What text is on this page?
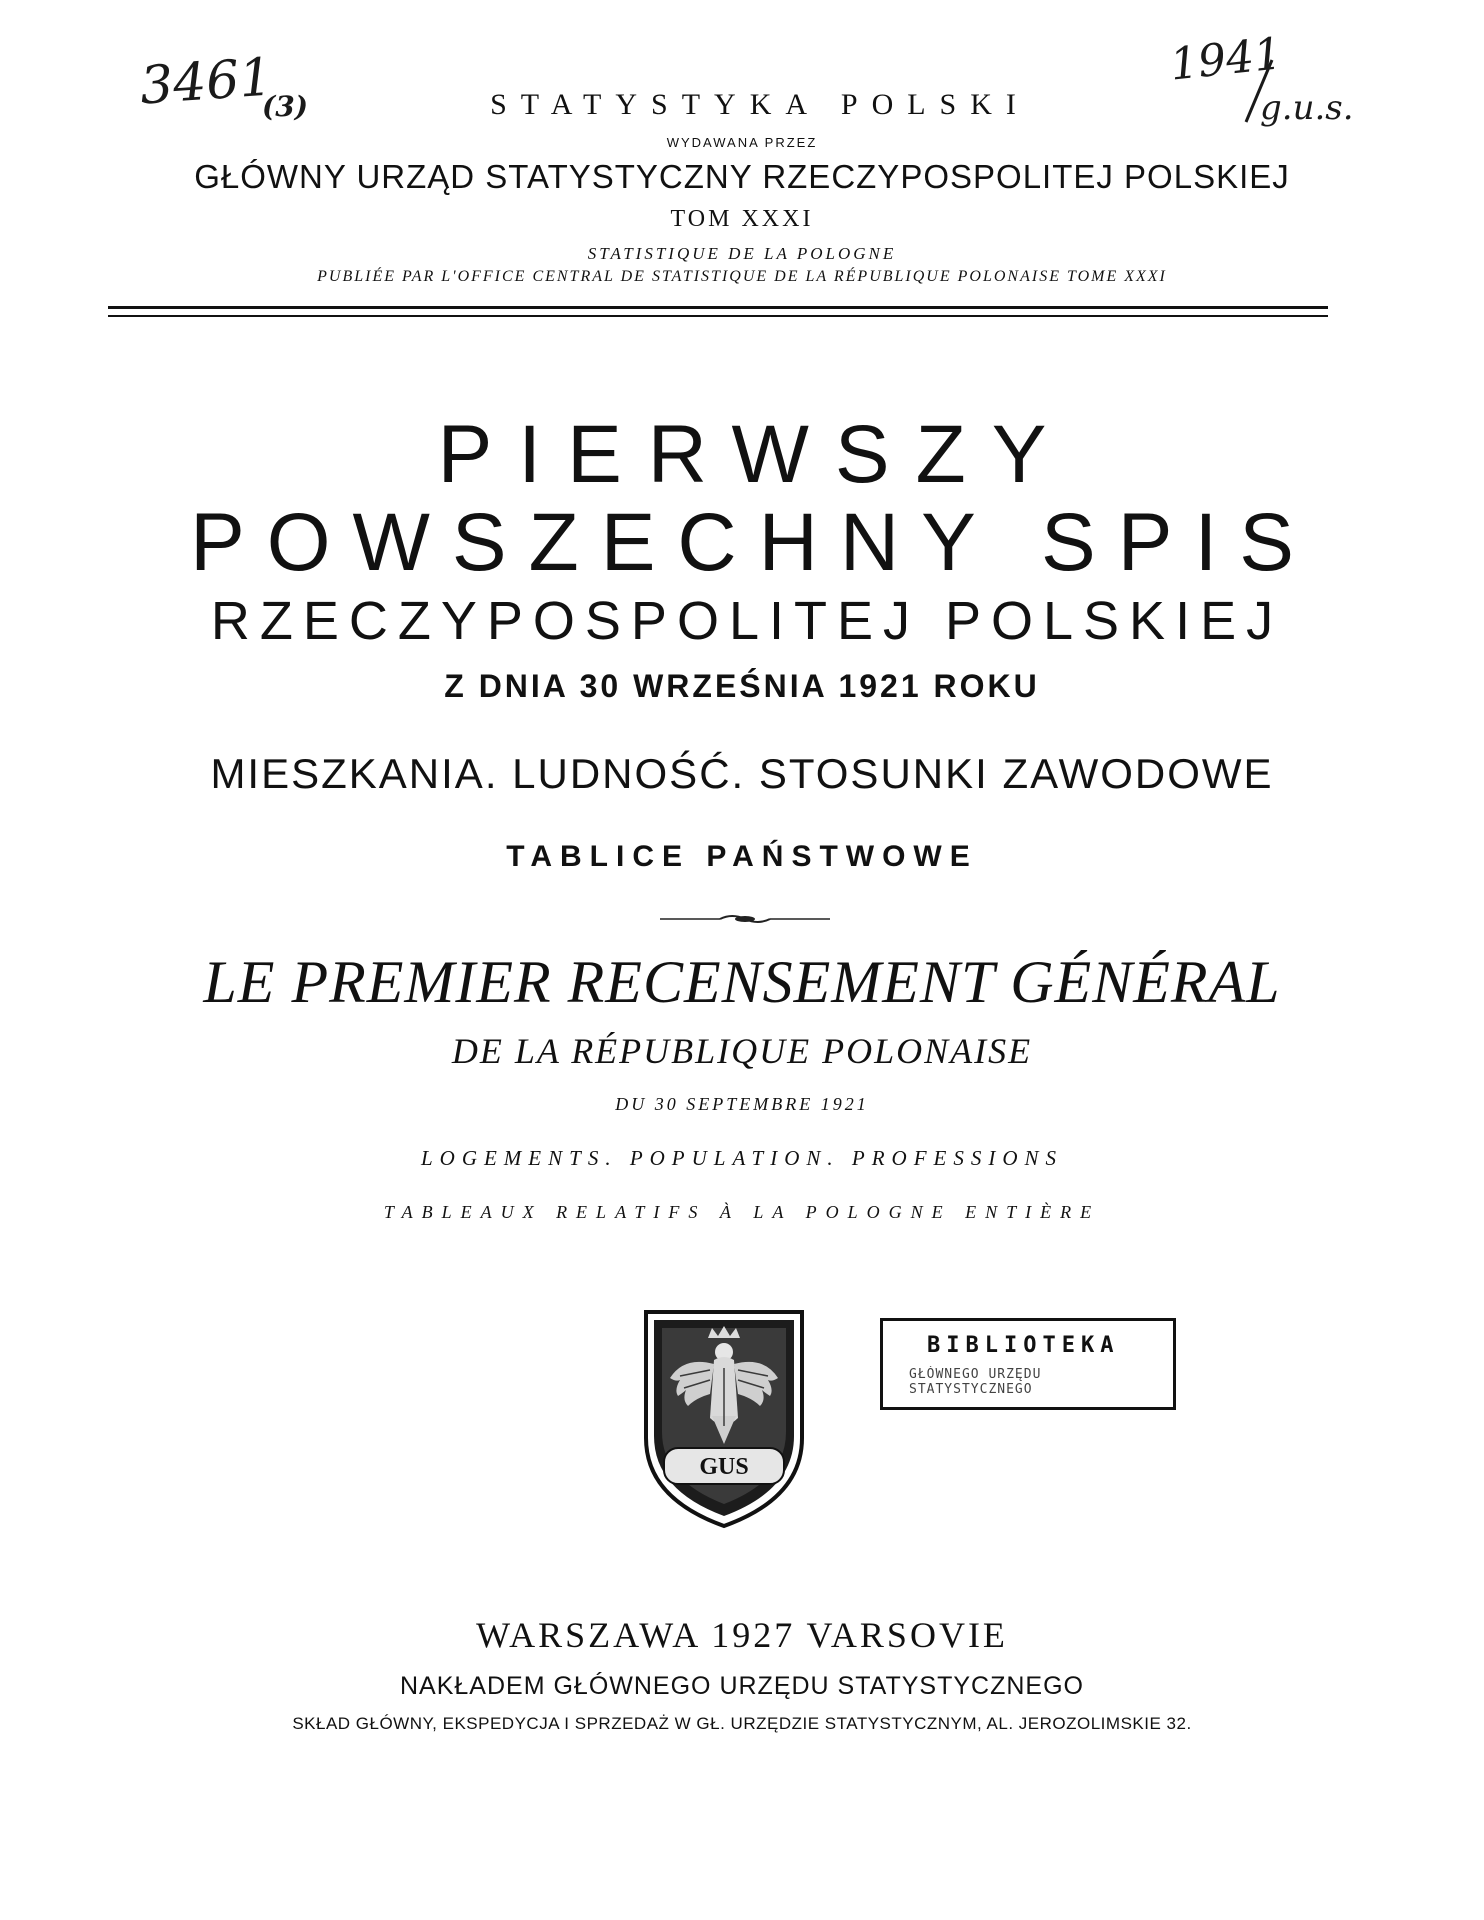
3461
(3)
1941
g.u.s.
STATYSTYKA POLSKI
WYDAWANA PRZEZ
GŁÓWNY URZĄD STATYSTYCZNY RZECZYPOSPOLITEJ POLSKIEJ
TOM XXXI
STATISTIQUE DE LA POLOGNE
PUBLIÉE PAR L'OFFICE CENTRAL DE STATISTIQUE DE LA RÉPUBLIQUE POLONAISE TOME XXXI
PIERWSZY
POWSZECHNY SPIS
RZECZYPOSPOLITEJ POLSKIEJ
Z DNIA 30 WRZEŚNIA 1921 ROKU
MIESZKANIA. LUDNOŚĆ. STOSUNKI ZAWODOWE
TABLICE PAŃSTWOWE
LE PREMIER RECENSEMENT GÉNÉRAL
DE LA RÉPUBLIQUE POLONAISE
DU 30 SEPTEMBRE 1921
LOGEMENTS. POPULATION. PROFESSIONS
TABLEAUX RELATIFS À LA POLOGNE ENTIÈRE
GUS
BIBLIOTEKA
GŁÓWNEGO URZĘDU STATYSTYCZNEGO
WARSZAWA 1927 VARSOVIE
NAKŁADEM GŁÓWNEGO URZĘDU STATYSTYCZNEGO
SKŁAD GŁÓWNY, EKSPEDYCJA I SPRZEDAŻ W GŁ. URZĘDZIE STATYSTYCZNYM, AL. JEROZOLIMSKIE 32.
